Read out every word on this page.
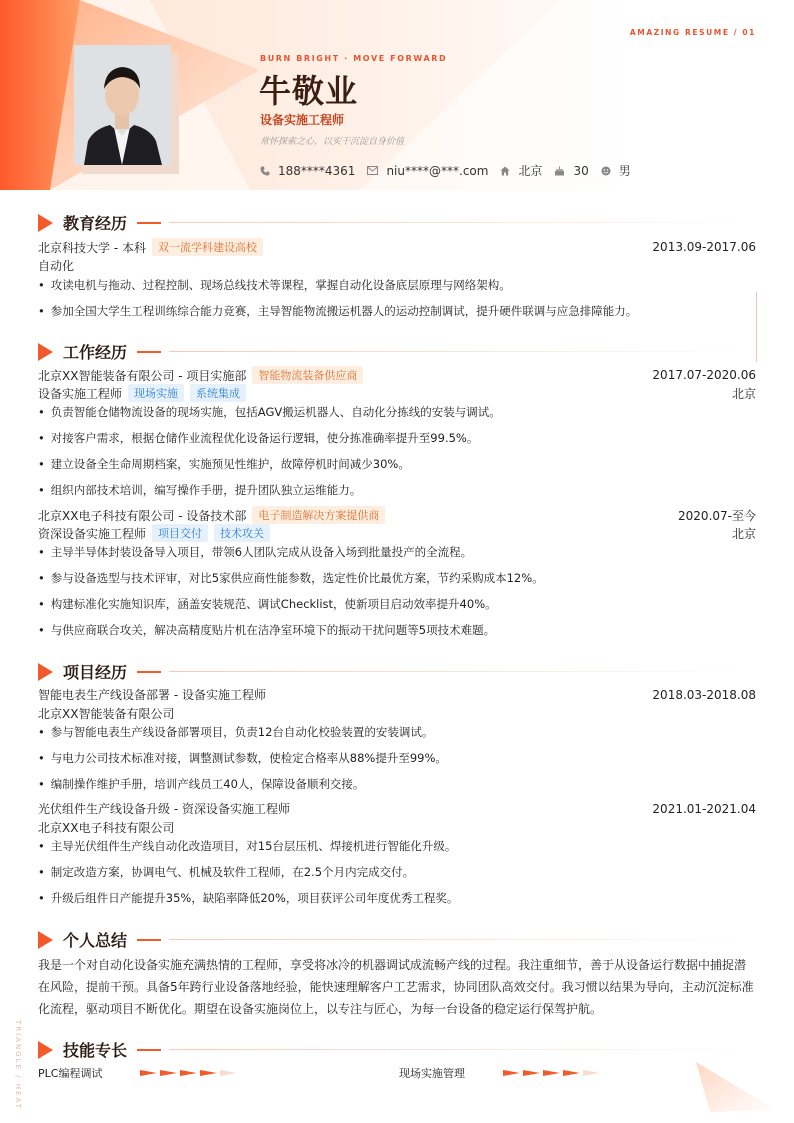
AMAZING RESUME / 01
BURN BRIGHT · MOVE FORWARD
牛敬业
设备实施工程师
常怀探索之心，以实干沉淀自身价值
188****4361	niu****@***.com	北京	30	男
教育经历
北京科技大学 - 本科	双一流学科建设高校	2013.09-2017.06
自动化
• 攻读电机与拖动、过程控制、现场总线技术等课程，掌握自动化设备底层原理与网络架构。
• 参加全国大学生工程训练综合能力竞赛，主导智能物流搬运机器人的运动控制调试，提升硬件联调与应急排障能力。
工作经历
北京XX智能装备有限公司 - 项目实施部	智能物流装备供应商	2017.07-2020.06
设备实施工程师	现场实施	系统集成	北京
• 负责智能仓储物流设备的现场实施，包括AGV搬运机器人、自动化分拣线的安装与调试。
• 对接客户需求，根据仓储作业流程优化设备运行逻辑，使分拣准确率提升至99.5%。
• 建立设备全生命周期档案，实施预见性维护，故障停机时间减少30%。
• 组织内部技术培训，编写操作手册，提升团队独立运维能力。
北京XX电子科技有限公司 - 设备技术部	电子制造解决方案提供商	2020.07-至今
资深设备实施工程师	项目交付	技术攻关	北京
• 主导半导体封装设备导入项目，带领6人团队完成从设备入场到批量投产的全流程。
• 参与设备选型与技术评审，对比5家供应商性能参数，选定性价比最优方案，节约采购成本12%。
• 构建标准化实施知识库，涵盖安装规范、调试Checklist，使新项目启动效率提升40%。
• 与供应商联合攻关，解决高精度贴片机在洁净室环境下的振动干扰问题等5项技术难题。
项目经历
智能电表生产线设备部署 - 设备实施工程师	2018.03-2018.08
北京XX智能装备有限公司
• 参与智能电表生产线设备部署项目，负责12台自动化校验装置的安装调试。
• 与电力公司技术标准对接，调整测试参数，使检定合格率从88%提升至99%。
• 编制操作维护手册，培训产线员工40人，保障设备顺利交接。
光伏组件生产线设备升级 - 资深设备实施工程师	2021.01-2021.04
北京XX电子科技有限公司
• 主导光伏组件生产线自动化改造项目，对15台层压机、焊接机进行智能化升级。
• 制定改造方案，协调电气、机械及软件工程师，在2.5个月内完成交付。
• 升级后组件日产能提升35%，缺陷率降低20%，项目获评公司年度优秀工程奖。
个人总结
我是一个对自动化设备实施充满热情的工程师，享受将冰冷的机器调试成流畅产线的过程。我注重细节，善于从设备运行数据中捕捉潜
在风险，提前干预。具备5年跨行业设备落地经验，能快速理解客户工艺需求，协同团队高效交付。我习惯以结果为导向，主动沉淀标准
化流程，驱动项目不断优化。期望在设备实施岗位上，以专注与匠心，为每一台设备的稳定运行保驾护航。
技能专长
PLC编程调试	现场实施管理
TRIANGLE / HEAT
